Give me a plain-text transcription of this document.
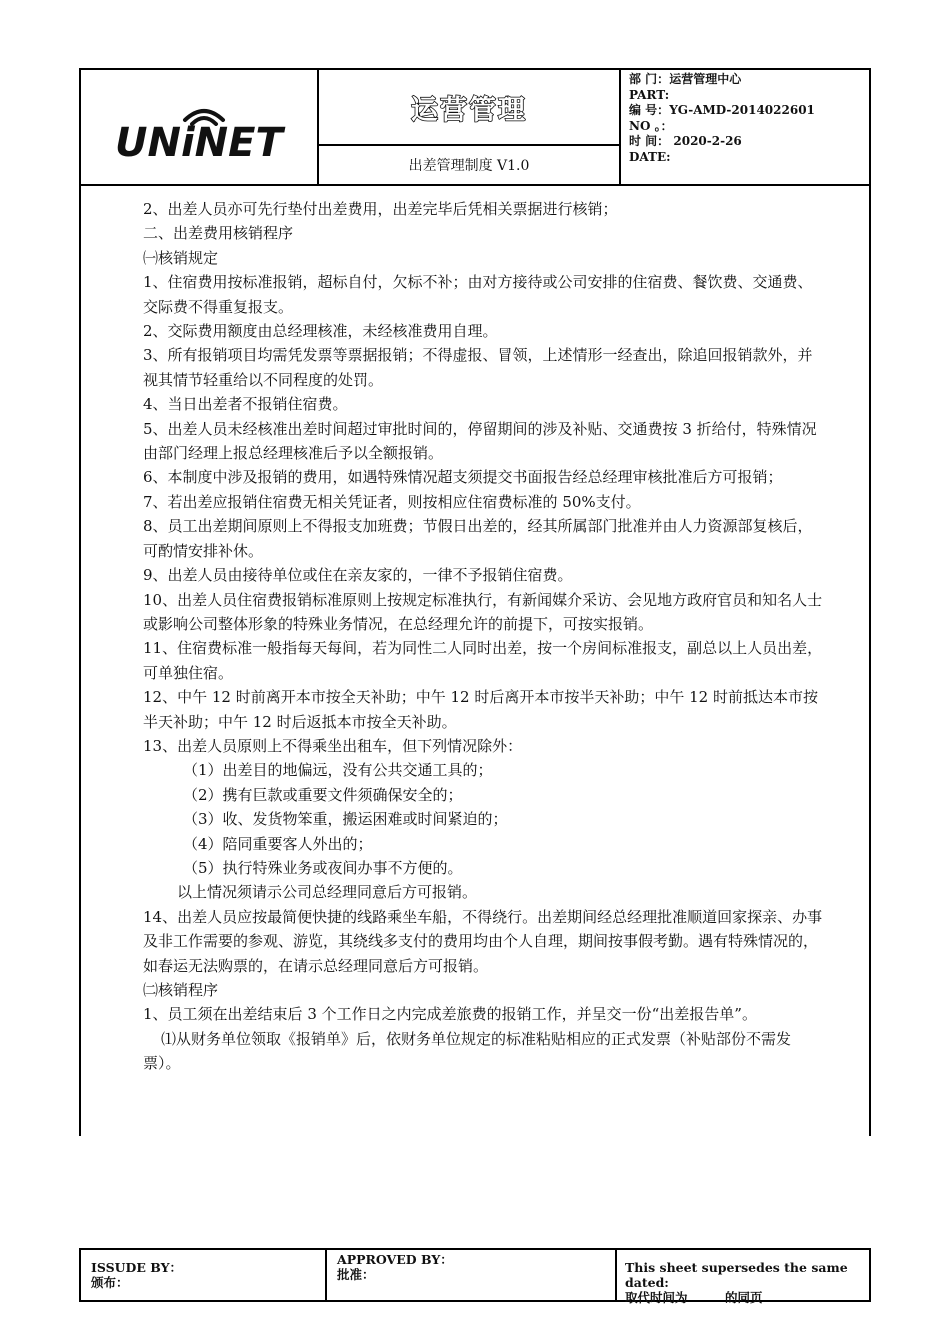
UNiNET
运营管理
出差管理制度 V1.0
部 门：运营管理中心
PART:
编 号：YG-AMD-2014022601
NO 。：
时 间： 2020-2-26
DATE:

2、出差人员亦可先行垫付出差费用，出差完毕后凭相关票据进行核销；

二、出差费用核销程序

㈠核销规定

1、住宿费用按标准报销，超标自付，欠标不补；由对方接待或公司安排的住宿费、餐饮费、交通费、交际费不得重复报支。

2、交际费用额度由总经理核准，未经核准费用自理。

3、所有报销项目均需凭发票等票据报销；不得虚报、冒领，上述情形一经查出，除追回报销款外，并视其情节轻重给以不同程度的处罚。

4、当日出差者不报销住宿费。

5、出差人员未经核准出差时间超过审批时间的，停留期间的涉及补贴、交通费按 3 折给付，特殊情况由部门经理上报总经理核准后予以全额报销。

6、本制度中涉及报销的费用，如遇特殊情况超支须提交书面报告经总经理审核批准后方可报销；

7、若出差应报销住宿费无相关凭证者，则按相应住宿费标准的 50%支付。

8、员工出差期间原则上不得报支加班费；节假日出差的，经其所属部门批准并由人力资源部复核后，可酌情安排补休。

9、出差人员由接待单位或住在亲友家的，一律不予报销住宿费。

10、出差人员住宿费报销标准原则上按规定标准执行，有新闻媒介采访、会见地方政府官员和知名人士或影响公司整体形象的特殊业务情况，在总经理允许的前提下，可按实报销。

11、住宿费标准一般指每天每间，若为同性二人同时出差，按一个房间标准报支，副总以上人员出差，可单独住宿。

12、中午 12 时前离开本市按全天补助；中午 12 时后离开本市按半天补助；中午 12 时前抵达本市按半天补助；中午 12 时后返抵本市按全天补助。

13、出差人员原则上不得乘坐出租车，但下列情况除外：

（1）出差目的地偏远，没有公共交通工具的；

（2）携有巨款或重要文件须确保安全的；

（3）收、发货物笨重，搬运困难或时间紧迫的；

（4）陪同重要客人外出的；

（5）执行特殊业务或夜间办事不方便的。

以上情况须请示公司总经理同意后方可报销。

14、出差人员应按最简便快捷的线路乘坐车船，不得绕行。出差期间经总经理批准顺道回家探亲、办事及非工作需要的参观、游览，其绕线多支付的费用均由个人自理，期间按事假考勤。遇有特殊情况的，如春运无法购票的，在请示总经理同意后方可报销。

㈡核销程序

1、员工须在出差结束后 3 个工作日之内完成差旅费的报销工作，并呈交一份“出差报告单”。

⑴从财务单位领取《报销单》后，依财务单位规定的标准粘贴相应的正式发票（补贴部份不需发票）。

ISSUDE BY：
颁布：
APPROVED BY：
批准：	This sheet supersedes the same dated:
取代时间为　　　的同页
